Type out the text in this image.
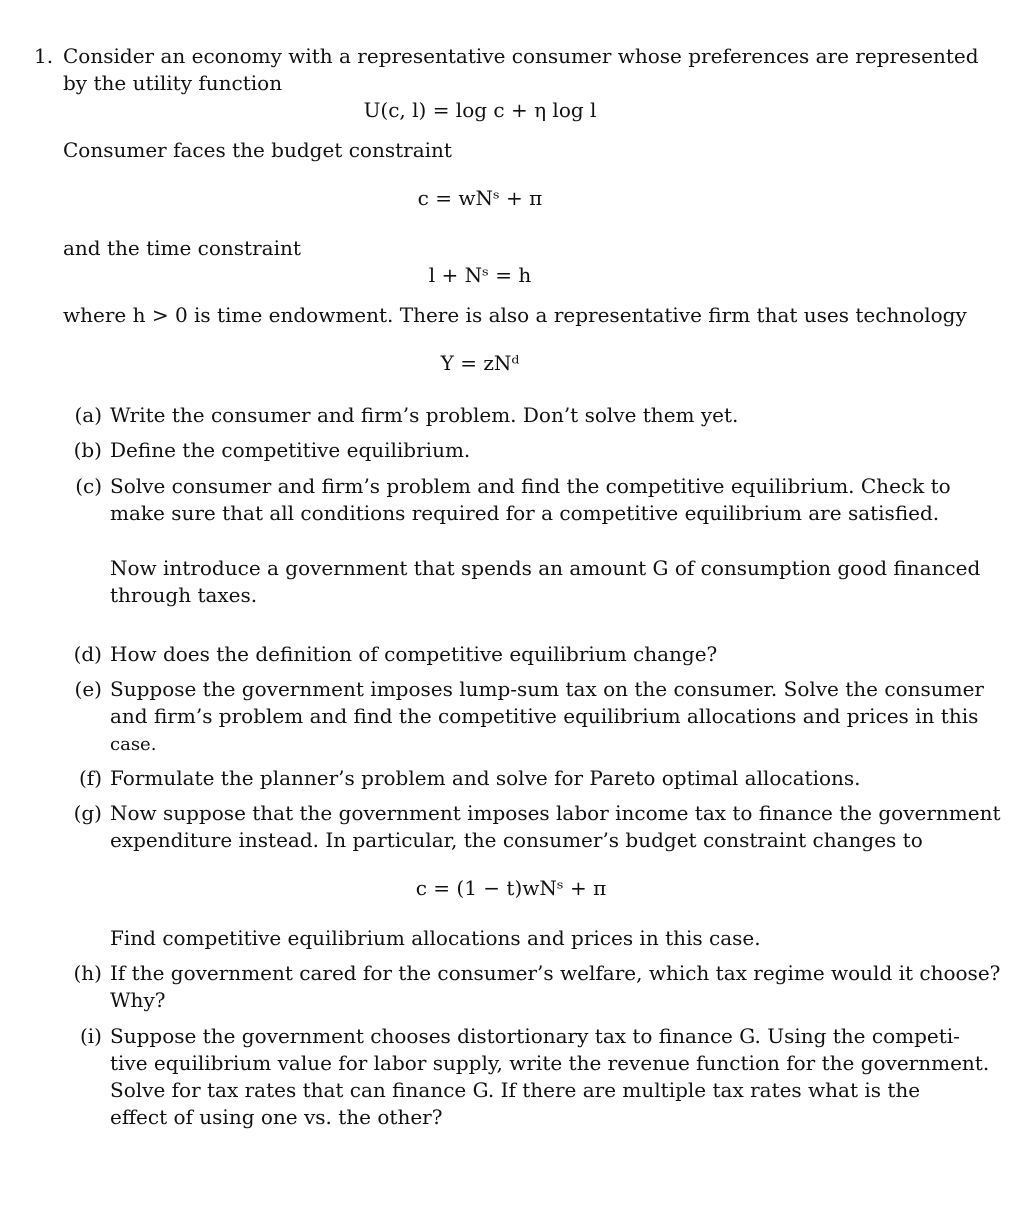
1. Consider an economy with a representative consumer whose preferences are represented
by the utility function
U(c, l) = log c + η log l
Consumer faces the budget constraint
c = wNˢ + π
and the time constraint
l + Nˢ = h
where h > 0 is time endowment. There is also a representative firm that uses technology
Y = zNᵈ
(a) Write the consumer and firm’s problem. Don’t solve them yet.
(b) Define the competitive equilibrium.
(c) Solve consumer and firm’s problem and find the competitive equilibrium. Check to
make sure that all conditions required for a competitive equilibrium are satisfied.
Now introduce a government that spends an amount G of consumption good financed
through taxes.
(d) How does the definition of competitive equilibrium change?
(e) Suppose the government imposes lump-sum tax on the consumer. Solve the consumer
and firm’s problem and find the competitive equilibrium allocations and prices in this
case.
(f) Formulate the planner’s problem and solve for Pareto optimal allocations.
(g) Now suppose that the government imposes labor income tax to finance the government
expenditure instead. In particular, the consumer’s budget constraint changes to
c = (1 − t)wNˢ + π
Find competitive equilibrium allocations and prices in this case.
(h) If the government cared for the consumer’s welfare, which tax regime would it choose?
Why?
(i) Suppose the government chooses distortionary tax to finance G. Using the competi-
tive equilibrium value for labor supply, write the revenue function for the government.
Solve for tax rates that can finance G. If there are multiple tax rates what is the
effect of using one vs. the other?
